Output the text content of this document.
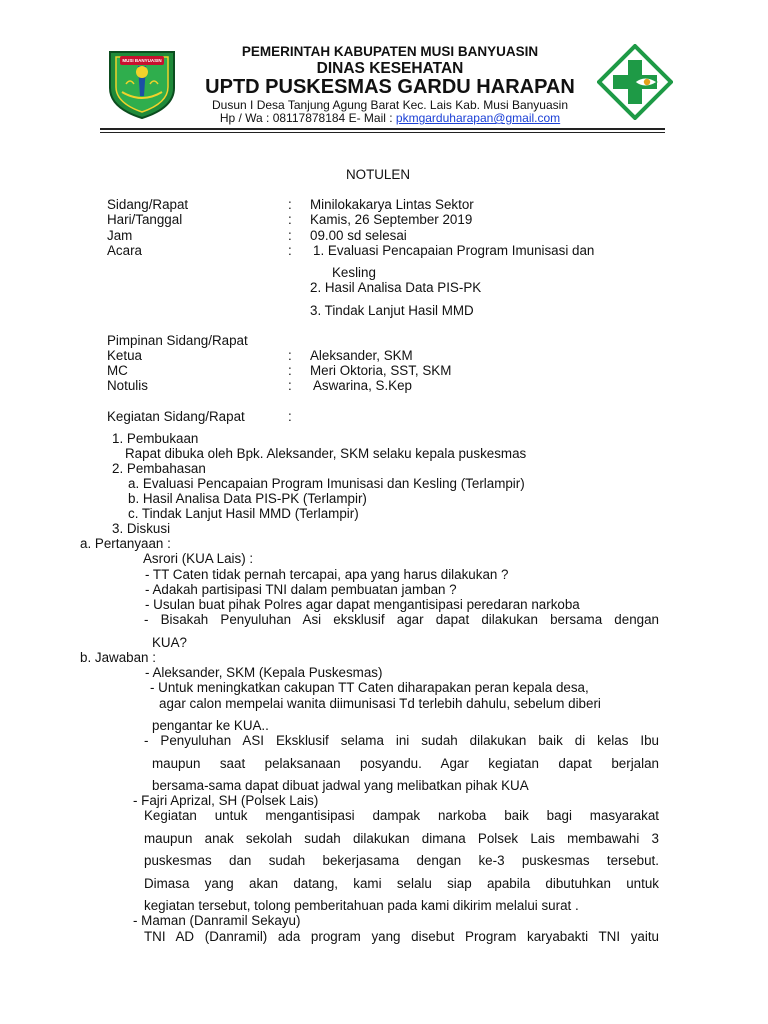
MUSI BANYUASIN
PEMERINTAH KABUPATEN MUSI BANYUASIN
DINAS KESEHATAN
UPTD PUSKESMAS GARDU HARAPAN
Dusun I Desa Tanjung Agung Barat Kec. Lais Kab. Musi Banyuasin
Hp / Wa : 08117878184 E- Mail : pkmgarduharapan@gmail.com
NOTULEN
Sidang/Rapat	: Minilokakarya Lintas Sektor
Hari/Tanggal	: Kamis, 26 September 2019
Jam	: 09.00 sd selesai
Acara	: 1. Evaluasi Pencapaian Program Imunisasi dan
Kesling
2. Hasil Analisa Data PIS-PK
3. Tindak Lanjut Hasil MMD
Pimpinan Sidang/Rapat
Ketua	: Aleksander, SKM
MC	: Meri Oktoria, SST, SKM
Notulis	: Aswarina, S.Kep
Kegiatan Sidang/Rapat	:
1. Pembukaan
Rapat dibuka oleh Bpk. Aleksander, SKM selaku kepala puskesmas
2. Pembahasan
a. Evaluasi Pencapaian Program Imunisasi dan Kesling (Terlampir)
b. Hasil Analisa Data PIS-PK (Terlampir)
c. Tindak Lanjut Hasil MMD (Terlampir)
3. Diskusi
a. Pertanyaan :
Asrori (KUA Lais) :
- TT Caten tidak pernah tercapai, apa yang harus dilakukan ?
- Adakah partisipasi TNI dalam pembuatan jamban ?
- Usulan buat pihak Polres agar dapat mengantisipasi peredaran narkoba
- Bisakah Penyuluhan Asi eksklusif agar dapat dilakukan bersama dengan
KUA?
b. Jawaban :
- Aleksander, SKM (Kepala Puskesmas)
- Untuk meningkatkan cakupan TT Caten diharapakan peran kepala desa,
agar calon mempelai wanita diimunisasi Td terlebih dahulu, sebelum diberi
pengantar ke KUA..
- Penyuluhan ASI Eksklusif selama ini sudah dilakukan baik di kelas Ibu
maupun saat pelaksanaan posyandu. Agar kegiatan dapat berjalan
bersama-sama dapat dibuat jadwal yang melibatkan pihak KUA
- Fajri Aprizal, SH (Polsek Lais)
Kegiatan untuk mengantisipasi dampak narkoba baik bagi masyarakat
maupun anak sekolah sudah dilakukan dimana Polsek Lais membawahi 3
puskesmas dan sudah bekerjasama dengan ke-3 puskesmas tersebut.
Dimasa yang akan datang, kami selalu siap apabila dibutuhkan untuk
kegiatan tersebut, tolong pemberitahuan pada kami dikirim melalui surat .
- Maman (Danramil Sekayu)
TNI AD (Danramil) ada program yang disebut Program karyabakti TNI yaitu
